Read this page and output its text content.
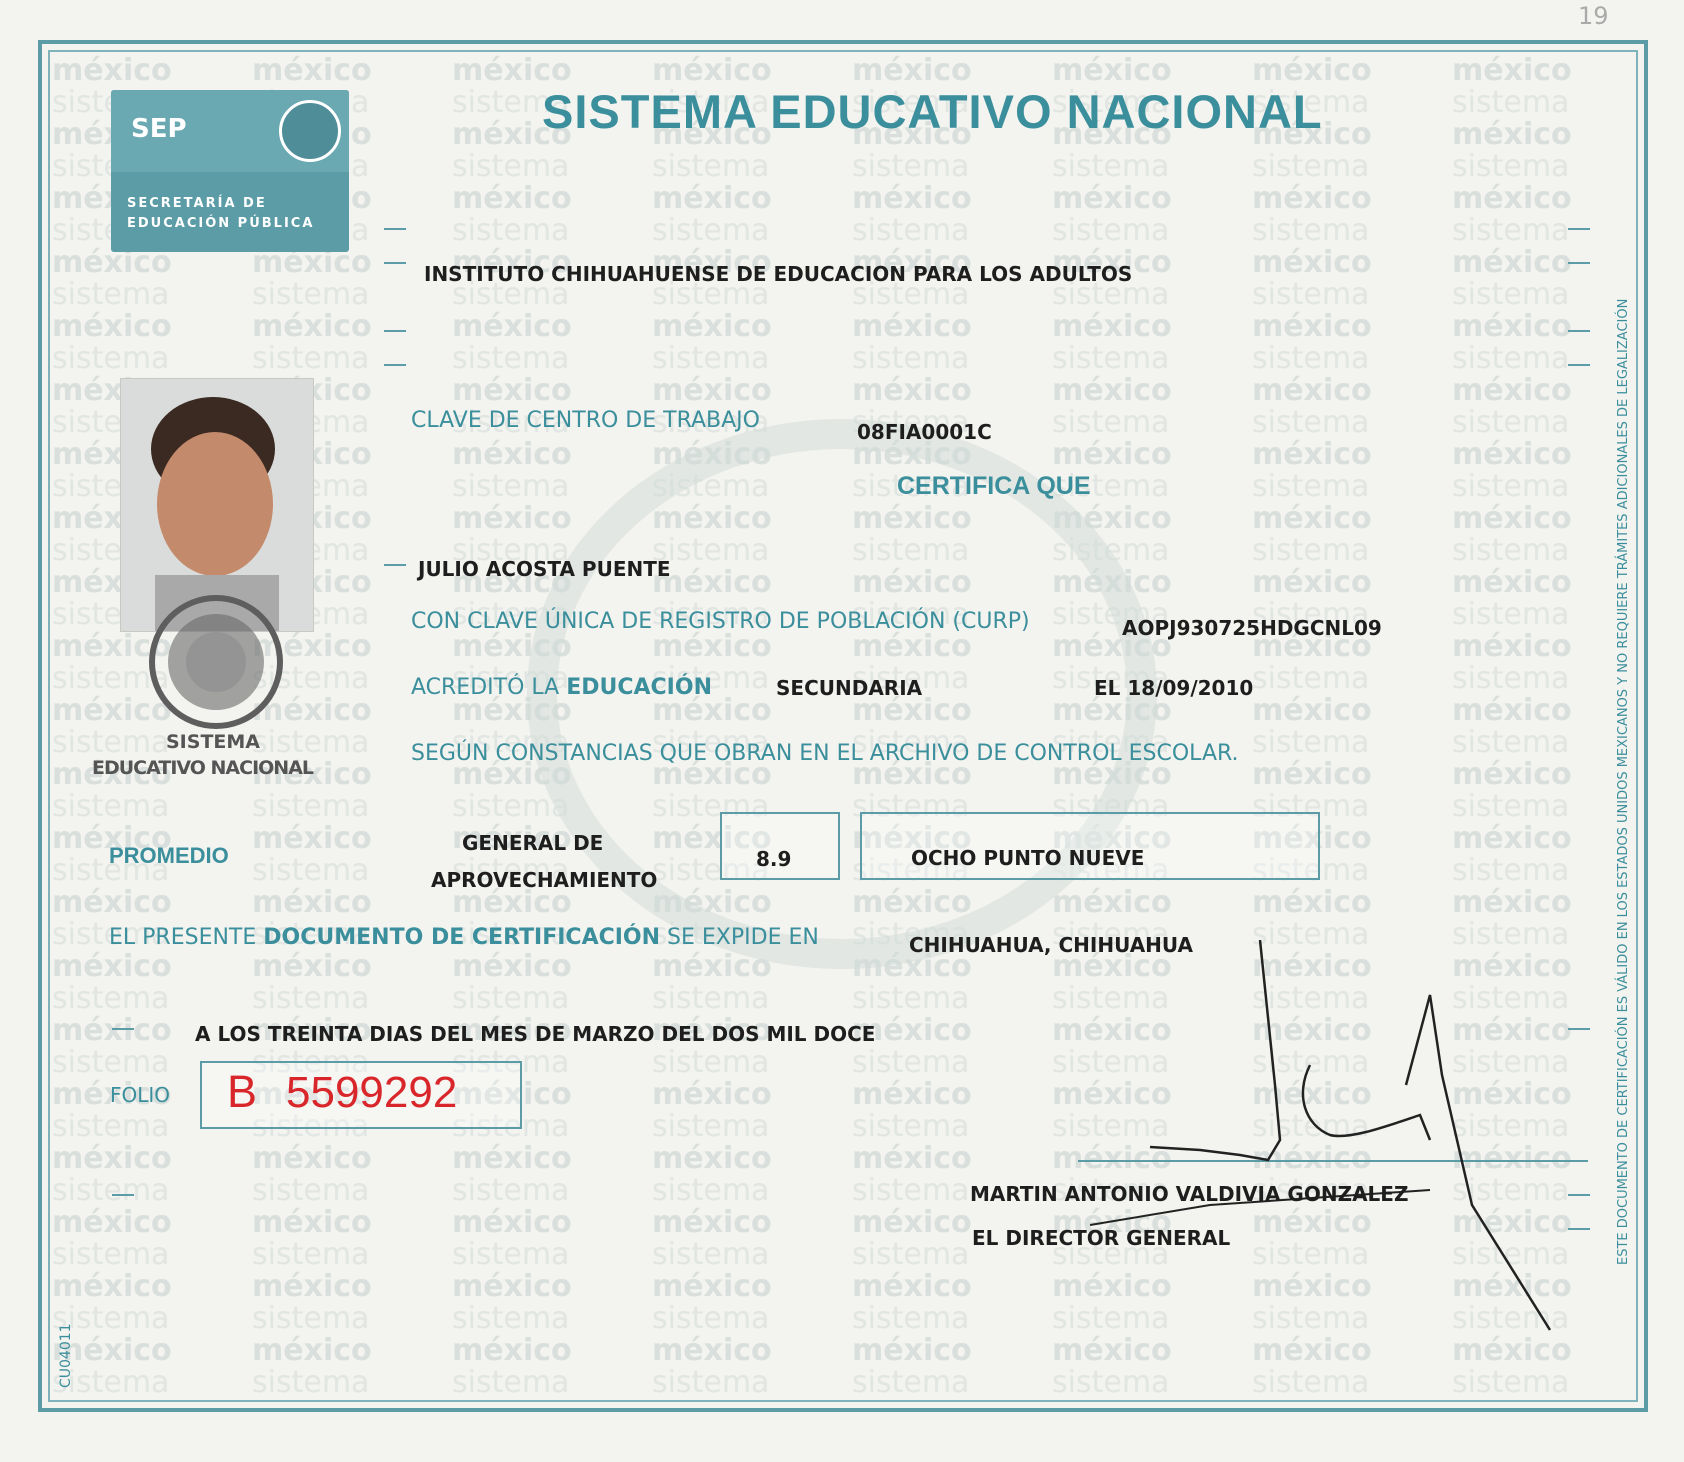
19
SEP
SECRETARÍA DE
EDUCACIÓN PÚBLICA
SISTEMA EDUCATIVO NACIONAL
INSTITUTO CHIHUAHUENSE DE EDUCACION PARA LOS ADULTOS
SISTEMA
EDUCATIVO NACIONAL
CLAVE DE CENTRO DE TRABAJO	08FIA0001C
CERTIFICA QUE
JULIO ACOSTA PUENTE
CON CLAVE ÚNICA DE REGISTRO DE POBLACIÓN (CURP)	AOPJ930725HDGCNL09
ACREDITÓ LA EDUCACIÓN	SECUNDARIA	EL 18/09/2010
SEGÚN CONSTANCIAS QUE OBRAN EN EL ARCHIVO DE CONTROL ESCOLAR.
PROMEDIO	GENERAL DE
APROVECHAMIENTO
8.9	OCHO PUNTO NUEVE
EL PRESENTE DOCUMENTO DE CERTIFICACIÓN SE EXPIDE EN	CHIHUAHUA, CHIHUAHUA
A LOS TREINTA DIAS DEL MES DE MARZO DEL DOS MIL DOCE
FOLIO B 5599292
MARTIN ANTONIO VALDIVIA GONZALEZ
EL DIRECTOR GENERAL	ESTE DOCUMENTO DE CERTIFICACIÓN ES VÁLIDO EN LOS ESTADOS UNIDOS MEXICANOS Y NO REQUIERE TRÁMITES ADICIONALES DE LEGALIZACIÓN
CU04011
